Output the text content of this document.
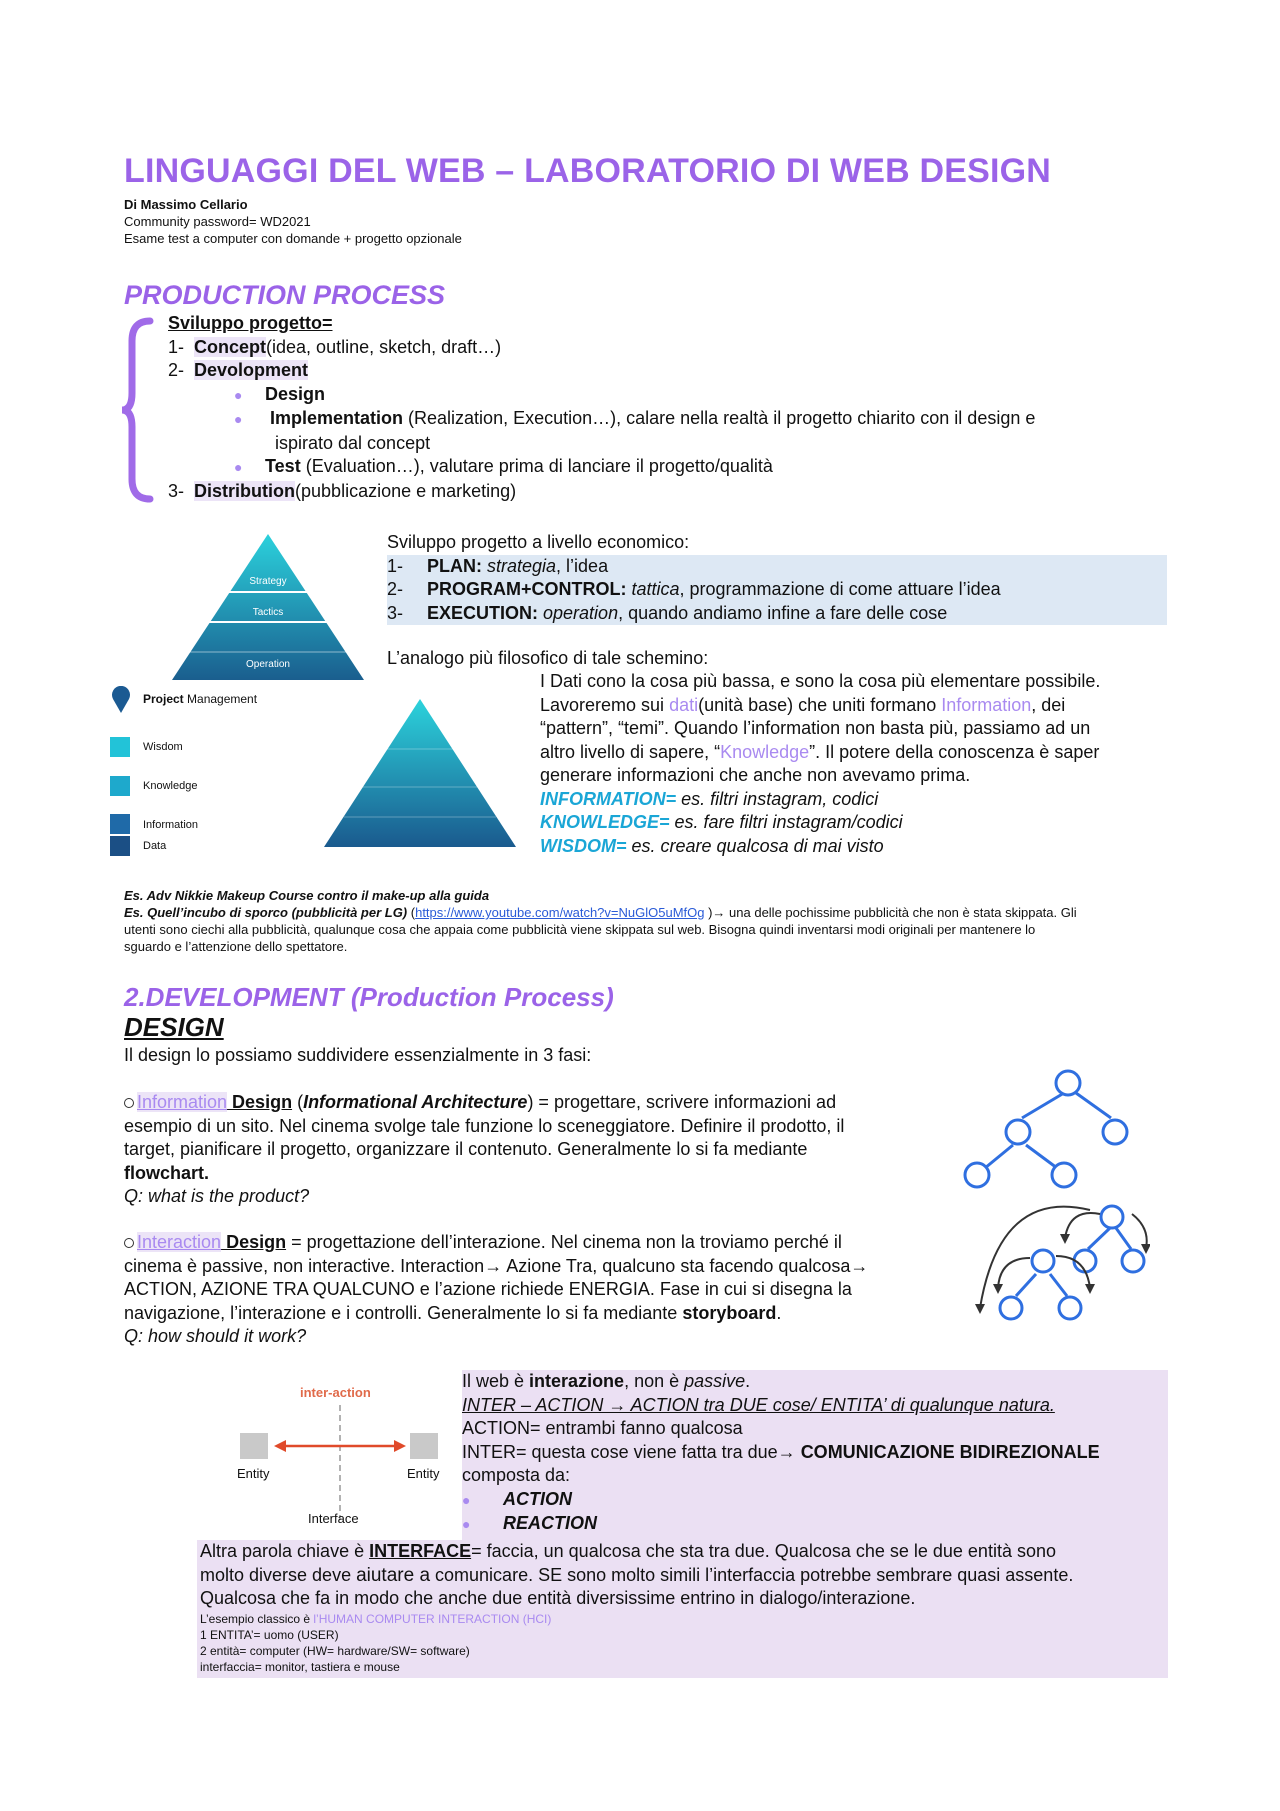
LINGUAGGI DEL WEB – LABORATORIO DI WEB DESIGN
Di Massimo Cellario
Community password= WD2021
Esame test a computer con domande + progetto opzionale
PRODUCTION PROCESS
Sviluppo progetto=
1- Concept(idea, outline, sketch, draft…)
2- Devolopment
● Design
● Implementation (Realization, Execution…), calare nella realtà il progetto chiarito con il design e
ispirato dal concept
● Test (Evaluation…), valutare prima di lanciare il progetto/qualità
3- Distribution(pubblicazione e marketing)
Strategy
Tactics
Operation
Sviluppo progetto a livello economico:
1- PLAN: strategia, l’idea
2- PROGRAM+CONTROL: tattica, programmazione di come attuare l’idea
3- EXECUTION: operation, quando andiamo infine a fare delle cose
L’analogo più filosofico di tale schemino:
Project Management
Wisdom
Knowledge
Information
Data
I Dati cono la cosa più bassa, e sono la cosa più elementare possibile.
Lavoreremo sui dati(unità base) che uniti formano Information, dei
“pattern”, “temi”. Quando l’information non basta più, passiamo ad un
altro livello di sapere, “Knowledge”. Il potere della conoscenza è saper
generare informazioni che anche non avevamo prima.
INFORMATION= es. filtri instagram, codici
KNOWLEDGE= es. fare filtri instagram/codici
WISDOM= es. creare qualcosa di mai visto
Es. Adv Nikkie Makeup Course contro il make-up alla guida
Es. Quell’incubo di sporco (pubblicità per LG) (https://www.youtube.com/watch?v=NuGlO5uMfOg )→ una delle pochissime pubblicità che non è stata skippata. Gli
utenti sono ciechi alla pubblicità, qualunque cosa che appaia come pubblicità viene skippata sul web. Bisogna quindi inventarsi modi originali per mantenere lo
sguardo e l’attenzione dello spettatore.
2.DEVELOPMENT (Production Process)
DESIGN
Il design lo possiamo suddividere essenzialmente in 3 fasi:
Information Design (Informational Architecture) = progettare, scrivere informazioni ad
esempio di un sito. Nel cinema svolge tale funzione lo sceneggiatore. Definire il prodotto, il
target, pianificare il progetto, organizzare il contenuto. Generalmente lo si fa mediante
flowchart.
Q: what is the product?
Interaction Design = progettazione dell’interazione. Nel cinema non la troviamo perché il
cinema è passive, non interactive. Interaction→ Azione Tra, qualcuno sta facendo qualcosa→
ACTION, AZIONE TRA QUALCUNO e l’azione richiede ENERGIA. Fase in cui si disegna la
navigazione, l’interazione e i controlli. Generalmente lo si fa mediante storyboard.
Q: how should it work?
inter-action
Entity	Entity
Interface
Il web è interazione, non è passive.
INTER – ACTION → ACTION tra DUE cose/ ENTITA’ di qualunque natura.
ACTION= entrambi fanno qualcosa
INTER= questa cose viene fatta tra due→ COMUNICAZIONE BIDIREZIONALE
composta da:
● ACTION
● REACTION
Altra parola chiave è INTERFACE= faccia, un qualcosa che sta tra due. Qualcosa che se le due entità sono
molto diverse deve aiutare a comunicare. SE sono molto simili l’interfaccia potrebbe sembrare quasi assente.
Qualcosa che fa in modo che anche due entità diversissime entrino in dialogo/interazione.
L’esempio classico è l’HUMAN COMPUTER INTERACTION (HCI)
1 ENTITA’= uomo (USER)
2 entità= computer (HW= hardware/SW= software)
interfaccia= monitor, tastiera e mouse
